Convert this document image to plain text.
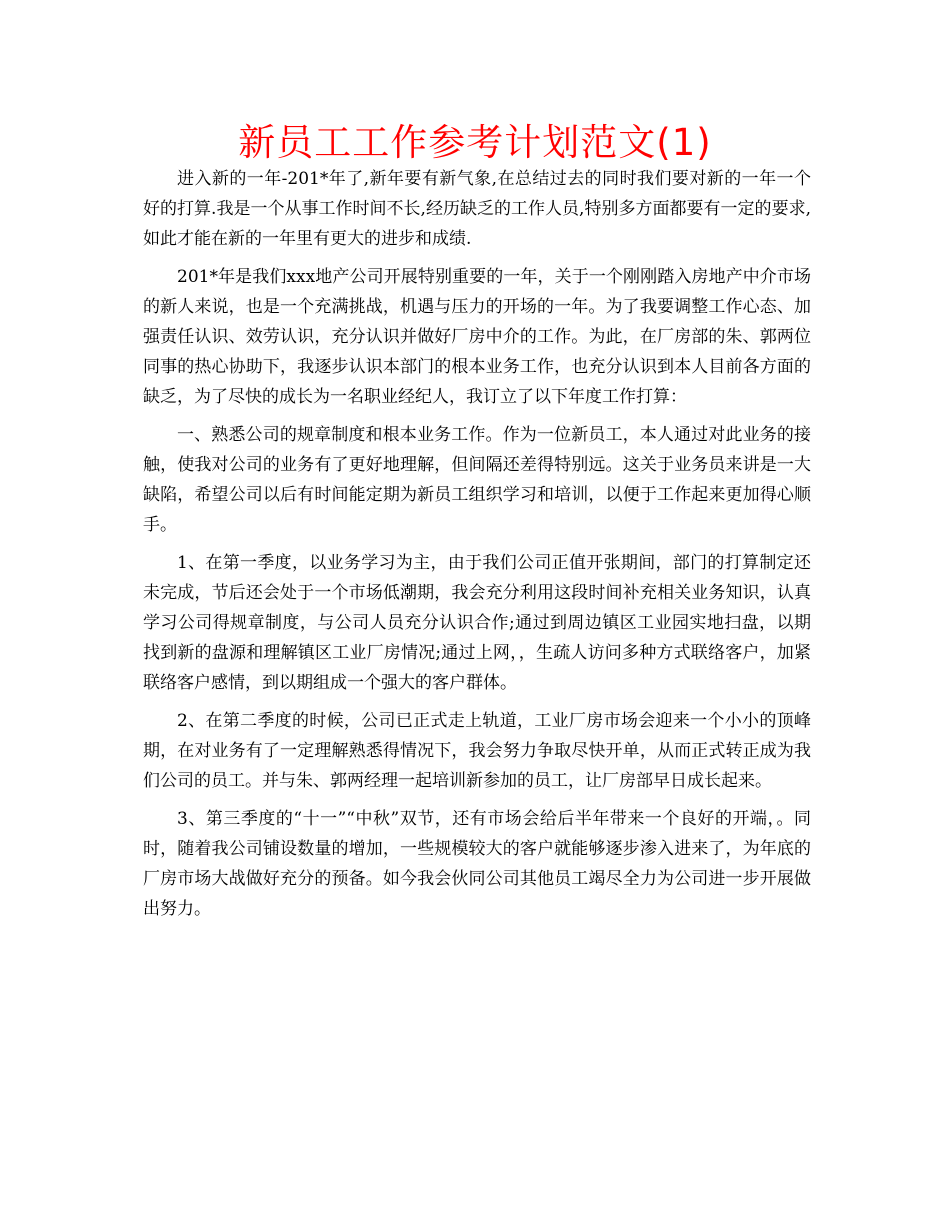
新员工工作参考计划范文(1)

进入新的一年-201*年了,新年要有新气象,在总结过去的同时我们要对新的一年一个好的打算.我是一个从事工作时间不长,经历缺乏的工作人员,特别多方面都要有一定的要求,如此才能在新的一年里有更大的进步和成绩.

201*年是我们xxx地产公司开展特别重要的一年，关于一个刚刚踏入房地产中介市场的新人来说，也是一个充满挑战，机遇与压力的开场的一年。为了我要调整工作心态、加强责任认识、效劳认识，充分认识并做好厂房中介的工作。为此，在厂房部的朱、郭两位同事的热心协助下，我逐步认识本部门的根本业务工作，也充分认识到本人目前各方面的缺乏，为了尽快的成长为一名职业经纪人，我订立了以下年度工作打算：

一、熟悉公司的规章制度和根本业务工作。作为一位新员工，本人通过对此业务的接触，使我对公司的业务有了更好地理解，但间隔还差得特别远。这关于业务员来讲是一大缺陷，希望公司以后有时间能定期为新员工组织学习和培训，以便于工作起来更加得心顺手。

1、在第一季度，以业务学习为主，由于我们公司正值开张期间，部门的打算制定还未完成，节后还会处于一个市场低潮期，我会充分利用这段时间补充相关业务知识，认真学习公司得规章制度，与公司人员充分认识合作;通过到周边镇区工业园实地扫盘，以期找到新的盘源和理解镇区工业厂房情况;通过上网，，生疏人访问多种方式联络客户，加紧联络客户感情，到以期组成一个强大的客户群体。

2、在第二季度的时候，公司已正式走上轨道，工业厂房市场会迎来一个小小的顶峰期，在对业务有了一定理解熟悉得情况下，我会努力争取尽快开单，从而正式转正成为我们公司的员工。并与朱、郭两经理一起培训新参加的员工，让厂房部早日成长起来。

3、第三季度的“十一”“中秋”双节，还有市场会给后半年带来一个良好的开端，。同时，随着我公司铺设数量的增加，一些规模较大的客户就能够逐步渗入进来了，为年底的厂房市场大战做好充分的预备。如今我会伙同公司其他员工竭尽全力为公司进一步开展做出努力。
